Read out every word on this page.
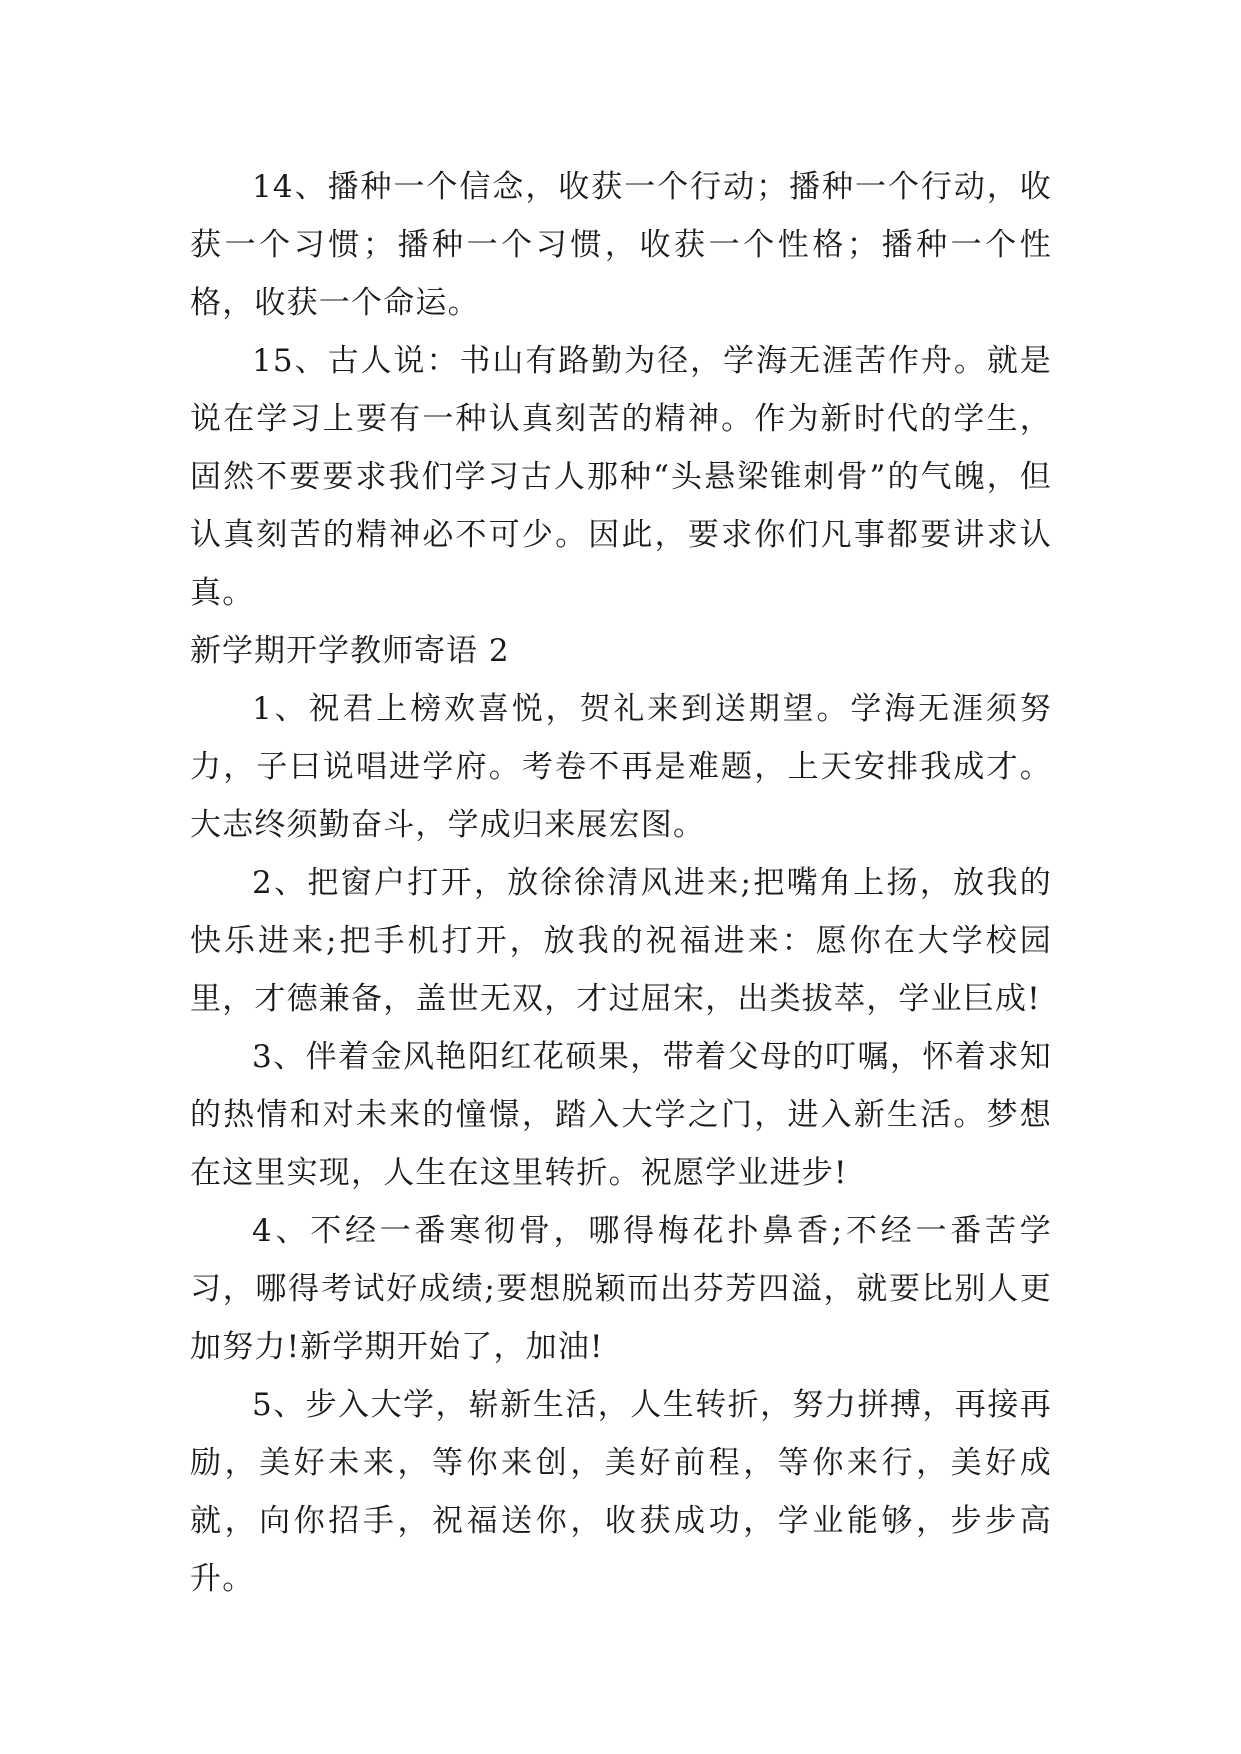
14、播种一个信念，收获一个行动；播种一个行动，收获一个习惯；播种一个习惯，收获一个性格；播种一个性格，收获一个命运。

15、古人说：书山有路勤为径，学海无涯苦作舟。就是说在学习上要有一种认真刻苦的精神。作为新时代的学生，固然不要要求我们学习古人那种“头悬梁锥刺骨”的气魄，但认真刻苦的精神必不可少。因此，要求你们凡事都要讲求认真。

新学期开学教师寄语 2

1、祝君上榜欢喜悦，贺礼来到送期望。学海无涯须努力，子曰说唱进学府。考卷不再是难题，上天安排我成才。大志终须勤奋斗，学成归来展宏图。

2、把窗户打开，放徐徐清风进来;把嘴角上扬，放我的快乐进来;把手机打开，放我的祝福进来：愿你在大学校园里，才德兼备，盖世无双，才过屈宋，出类拔萃，学业巨成!

3、伴着金风艳阳红花硕果，带着父母的叮嘱，怀着求知的热情和对未来的憧憬，踏入大学之门，进入新生活。梦想在这里实现，人生在这里转折。祝愿学业进步!

4、不经一番寒彻骨，哪得梅花扑鼻香;不经一番苦学习，哪得考试好成绩;要想脱颖而出芬芳四溢，就要比别人更加努力!新学期开始了，加油!

5、步入大学，崭新生活，人生转折，努力拼搏，再接再励，美好未来，等你来创，美好前程，等你来行，美好成就，向你招手，祝福送你，收获成功，学业能够，步步高升。
